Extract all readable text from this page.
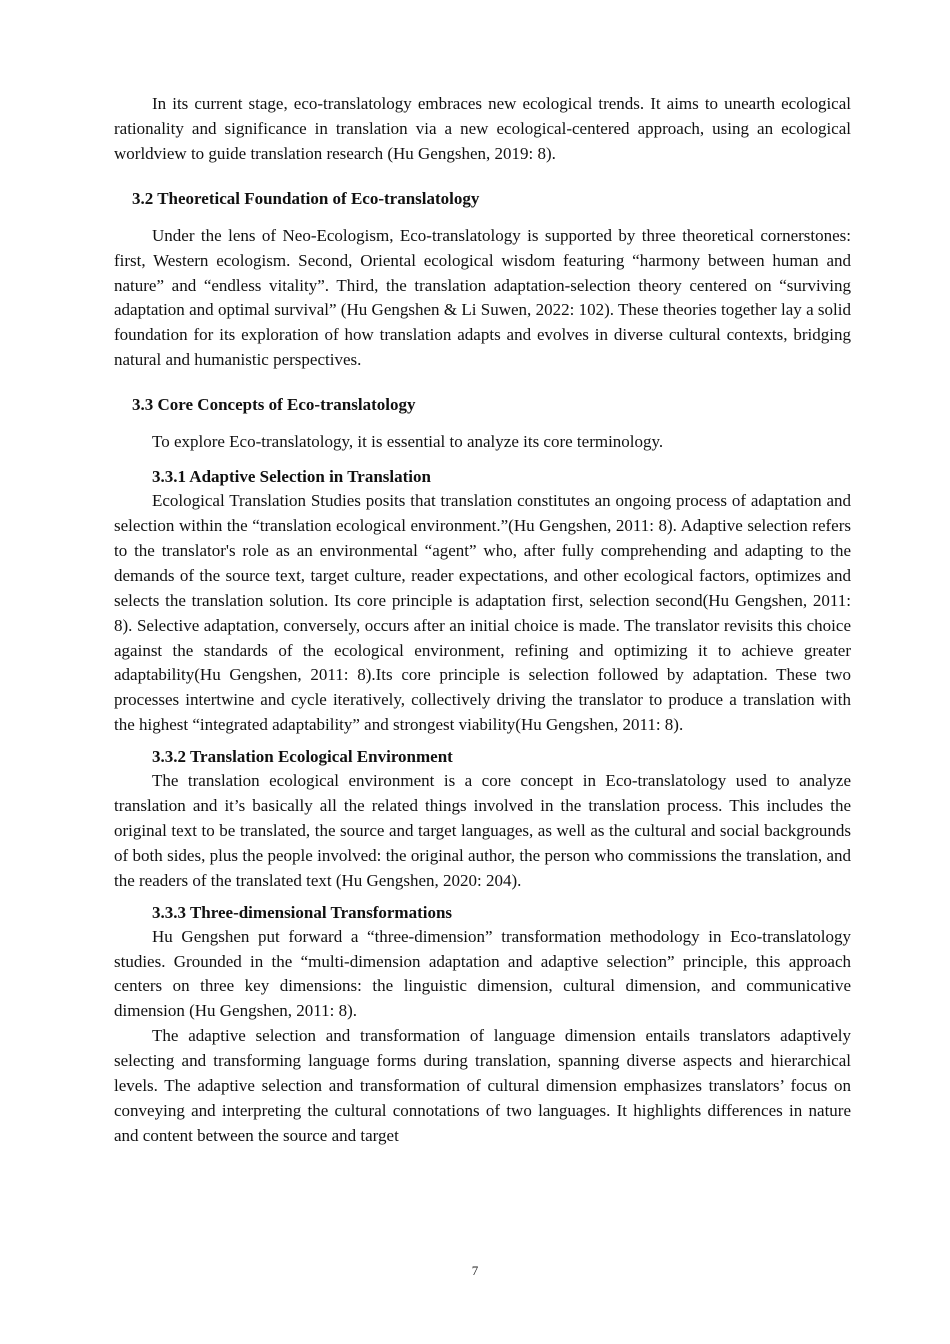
In its current stage, eco-translatology embraces new ecological trends. It aims to unearth ecological rationality and significance in translation via a new ecological-centered approach, using an ecological worldview to guide translation research (Hu Gengshen, 2019: 8).

3.2 Theoretical Foundation of Eco-translatology

Under the lens of Neo-Ecologism, Eco-translatology is supported by three theoretical cornerstones: first, Western ecologism. Second, Oriental ecological wisdom featuring “harmony between human and nature” and “endless vitality”. Third, the translation adaptation-selection theory centered on “surviving adaptation and optimal survival” (Hu Gengshen & Li Suwen, 2022: 102). These theories together lay a solid foundation for its exploration of how translation adapts and evolves in diverse cultural contexts, bridging natural and humanistic perspectives.

3.3 Core Concepts of Eco-translatology

To explore Eco-translatology, it is essential to analyze its core terminology.

3.3.1 Adaptive Selection in Translation

Ecological Translation Studies posits that translation constitutes an ongoing process of adaptation and selection within the “translation ecological environment.”(Hu Gengshen, 2011: 8). Adaptive selection refers to the translator's role as an environmental “agent” who, after fully comprehending and adapting to the demands of the source text, target culture, reader expectations, and other ecological factors, optimizes and selects the translation solution. Its core principle is adaptation first, selection second(Hu Gengshen, 2011: 8). Selective adaptation, conversely, occurs after an initial choice is made. The translator revisits this choice against the standards of the ecological environment, refining and optimizing it to achieve greater adaptability(Hu Gengshen, 2011: 8).Its core principle is selection followed by adaptation. These two processes intertwine and cycle iteratively, collectively driving the translator to produce a translation with the highest “integrated adaptability” and strongest viability(Hu Gengshen, 2011: 8).

3.3.2 Translation Ecological Environment

The translation ecological environment is a core concept in Eco-translatology used to analyze translation and it’s basically all the related things involved in the translation process. This includes the original text to be translated, the source and target languages, as well as the cultural and social backgrounds of both sides, plus the people involved: the original author, the person who commissions the translation, and the readers of the translated text (Hu Gengshen, 2020: 204).

3.3.3 Three-dimensional Transformations

Hu Gengshen put forward a “three-dimension” transformation methodology in Eco-translatology studies. Grounded in the “multi-dimension adaptation and adaptive selection” principle, this approach centers on three key dimensions: the linguistic dimension, cultural dimension, and communicative dimension (Hu Gengshen, 2011: 8).

The adaptive selection and transformation of language dimension entails translators adaptively selecting and transforming language forms during translation, spanning diverse aspects and hierarchical levels. The adaptive selection and transformation of cultural dimension emphasizes translators’ focus on conveying and interpreting the cultural connotations of two languages. It highlights differences in nature and content between the source and target

7
